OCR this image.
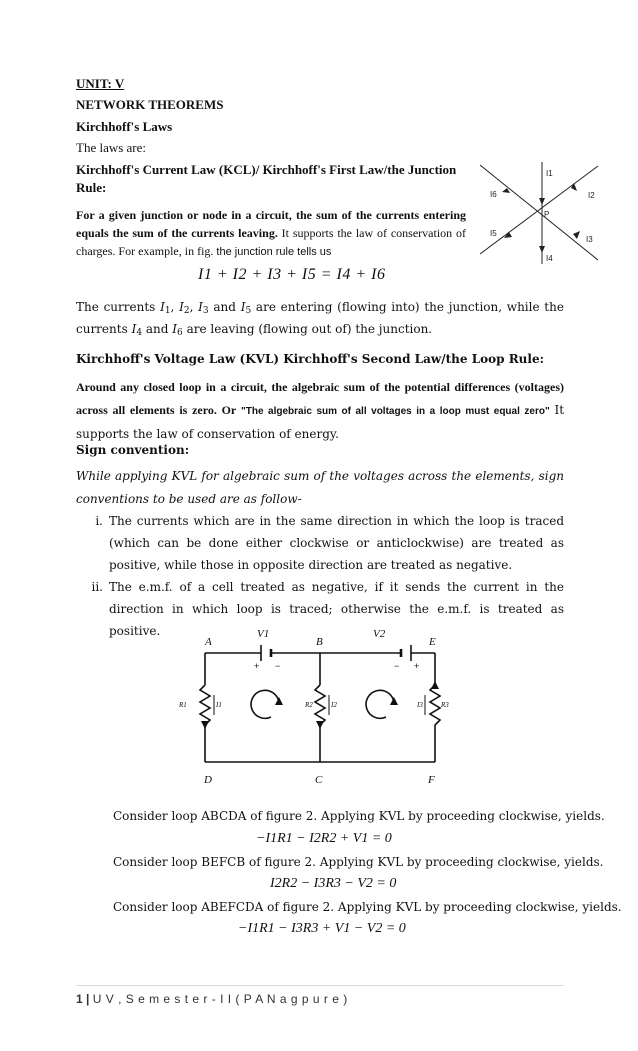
UNIT: V
NETWORK THEOREMS
Kirchhoff's Laws
The laws are:
Kirchhoff's Current Law (KCL)/ Kirchhoff's First Law/the Junction Rule:
For a given junction or node in a circuit, the sum of the currents entering equals the sum of the currents leaving. It supports the law of conservation of charges. For example, in fig. the junction rule tells us
I1
I2
I3
I4
I5
I6
P
I1 + I2 + I3 + I5 = I4 + I6
The currents $I_1$, $I_2$, $I_3$ and $I_5$ are entering (flowing into) the junction, while the currents $I_4$ and $I_6$ are leaving (flowing out of) the junction.
Kirchhoff's Voltage Law (KVL) Kirchhoff's Second Law/the Loop Rule:
Around any closed loop in a circuit, the algebraic sum of the potential differences (voltages) across all elements is zero. Or "The algebraic sum of all voltages in a loop must equal zero" It supports the law of conservation of energy.
Sign convention:
While applying KVL for algebraic sum of the voltages across the elements, sign conventions to be used are as follow-
i. The currents which are in the same direction in which the loop is traced (which can be done either clockwise or anticlockwise) are treated as positive, while those in opposite direction are treated as negative.
ii. The e.m.f. of a cell treated as negative, if it sends the current in the direction in which loop is traced; otherwise the e.m.f. is treated as positive.
A	B	E
D	C	F
V1	V2
+ −	− +
R1	R2	R3
I1	I2	I3
Consider loop ABCDA of figure 2. Applying KVL by proceeding clockwise, yields.
−I1R1 − I2R2 + V1 = 0
Consider loop BEFCB of figure 2. Applying KVL by proceeding clockwise, yields.
I2R2 − I3R3 − V2 = 0
Consider loop ABEFCDA of figure 2. Applying KVL by proceeding clockwise, yields.
−I1R1 − I3R3 + V1 − V2 = 0
1 | U V , S e m e s t e r - I I ( P A N a g p u r e )
